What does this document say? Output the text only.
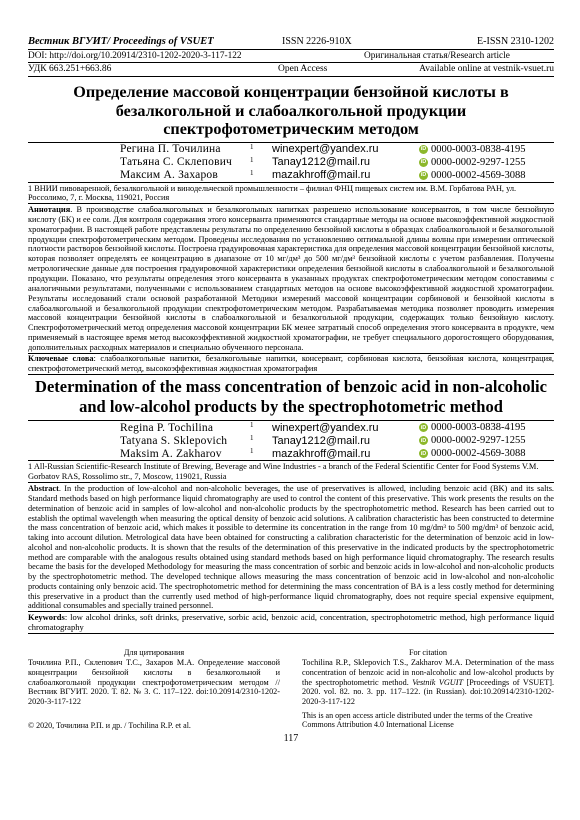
Вестник ВГУИТ/ Proceedings of VSUET	ISSN 2226-910X	E-ISSN 2310-1202
DOI: http://doi.org/10.20914/2310-1202-2020-3-117-122	Оригинальная статья/Research article
УДК 663.251+663.86	Open Access	Available online at vestnik-vsuet.ru
Определение массовой концентрации бензойной кислоты в безалкогольной и слабоалкогольной продукции спектрофотометрическим методом
Регина П. Точилина	1	winexpert@yandex.ru	iD 0000-0003-0838-4195
Татьяна С. Склепович	1	Tanay1212@mail.ru	iD 0000-0002-9297-1255
Максим А. Захаров	1	mazakhroff@mail.ru	iD 0000-0002-4569-3088
1 ВНИИ пивоваренной, безалкогольной и винодельческой промышленности – филиал ФНЦ пищевых систем им. В.М. Горбатова РАН, ул. Россолимо, 7, г. Москва, 119021, Россия
Аннотация. В производстве слабоалкогольных и безалкогольных напитках разрешено использование консервантов, в том числе бензойную кислоту (БК) и ее соли. Для контроля содержания этого консерванта применяются стандартные методы на основе высокоэффективной жидкостной хроматографии. В настоящей работе представлены результаты по определению бензойной кислоты в образцах слабоалкогольной и безалкогольной продукции спектрофотометрическим методом. Проведены исследования по установлению оптимальной длины волны при измерении оптической плотности растворов бензойной кислоты. Построена градуировочная характеристика для определения массовой концентрации бензойной кислоты, которая позволяет определять ее концентрацию в диапазоне от 10 мг/дм³ до 500 мг/дм³ бензойной кислоты с учетом разбавления. Получены метрологические данные для построения градуировочной характеристики определения бензойной кислоты в слабоалкогольной и безалкогольной продукции. Показано, что результаты определения этого консерванта в указанных продуктах спектрофотометрическим методом сопоставимы с аналогичными результатами, полученными с использованием стандартных методов на основе высокоэффективной жидкостной хроматографии. Результаты исследований стали основой разработанной Методики измерений массовой концентрации сорбиновой и бензойной кислоты в слабоалкогольной и безалкогольной продукции спектрофотометрическим методом. Разрабатываемая методика позволяет проводить измерения массовой концентрации бензойной кислоты в слабоалкогольной и безалкогольной продукции, содержащих только бензойную кислоту. Спектрофотометрический метод определения массовой концентрации БК менее затратный способ определения этого консерванта в продукте, чем применяемый в настоящее время метод высокоэффективной жидкостной хроматографии, не требует специального дорогостоящего оборудования, дополнительных расходных материалов и специально обученного персонала.
Ключевые слова: слабоалкогольные напитки, безалкогольные напитки, консервант, сорбиновая кислота, бензойная кислота, концентрация, спектрофотометрический метод, высокоэффективная жидкостная хроматография
Determination of the mass concentration of benzoic acid in non-alcoholic and low-alcohol products by the spectrophotometric method
Regina P. Tochilina	1	winexpert@yandex.ru	iD 0000-0003-0838-4195
Tatyana S. Sklepovich	1	Tanay1212@mail.ru	iD 0000-0002-9297-1255
Maksim A. Zakharov	1	mazakhroff@mail.ru	iD 0000-0002-4569-3088
1 All-Russian Scientific-Research Institute of Brewing, Beverage and Wine Industries - a branch of the Federal Scientific Center for Food Systems V.M. Gorbatov RAS, Rossolimo str., 7, Moscow, 119021, Russia
Abstract. In the production of low-alcohol and non-alcoholic beverages, the use of preservatives is allowed, including benzoic acid (BK) and its salts. Standard methods based on high performance liquid chromatography are used to control the content of this preservative. This work presents the results on the determination of benzoic acid in samples of low-alcohol and non-alcoholic products by the spectrophotometric method. Research has been carried out to establish the optimal wavelength when measuring the optical density of benzoic acid solutions. A calibration characteristic has been constructed to determine the mass concentration of benzoic acid, which makes it possible to determine its concentration in the range from 10 mg/dm³ to 500 mg/dm³ of benzoic acid, taking into account dilution. Metrological data have been obtained for constructing a calibration characteristic for the determination of benzoic acid in low-alcohol and non-alcoholic products. It is shown that the results of the determination of this preservative in the indicated products by the spectrophotometric method are comparable with the analogous results obtained using standard methods based on high performance liquid chromatography. The research results became the basis for the developed Methodology for measuring the mass concentration of sorbic and benzoic acids in low-alcohol and non-alcoholic products by the spectrophotometric method. The developed technique allows measuring the mass concentration of benzoic acid in low-alcohol and non-alcoholic products containing only benzoic acid. The spectrophotometric method for determining the mass concentration of BA is a less costly method for determining this preservative in a product than the currently used method of high-performance liquid chromatography, does not require special expensive equipment, additional consumables and specially trained personnel.
Keywords: low alcohol drinks, soft drinks, preservative, sorbic acid, benzoic acid, concentration, spectrophotometric method, high performance liquid chromatography
Для цитирования
Точилина Р.П., Склепович Т.С., Захаров М.А. Определение массовой концентрации бензойной кислоты в безалкогольной и слабоалкогольной продукции спектрофотометрическим методом // Вестник ВГУИТ. 2020. Т. 82. № 3. С. 117–122. doi:10.20914/2310-1202-2020-3-117-122
For citation
Tochilina R.P., Sklepovich T.S., Zakharov M.A. Determination of the mass concentration of benzoic acid in non-alcoholic and low-alcohol products by the spectrophotometric method. Vestnik VGUIT [Proceedings of VSUET]. 2020. vol. 82. no. 3. pp. 117–122. (in Russian). doi:10.20914/2310-1202-2020-3-117-122
© 2020, Точилина Р.П. и др. / Tochilina R.P. et al.
This is an open access article distributed under the terms of the Creative Commons Attribution 4.0 International License
117
